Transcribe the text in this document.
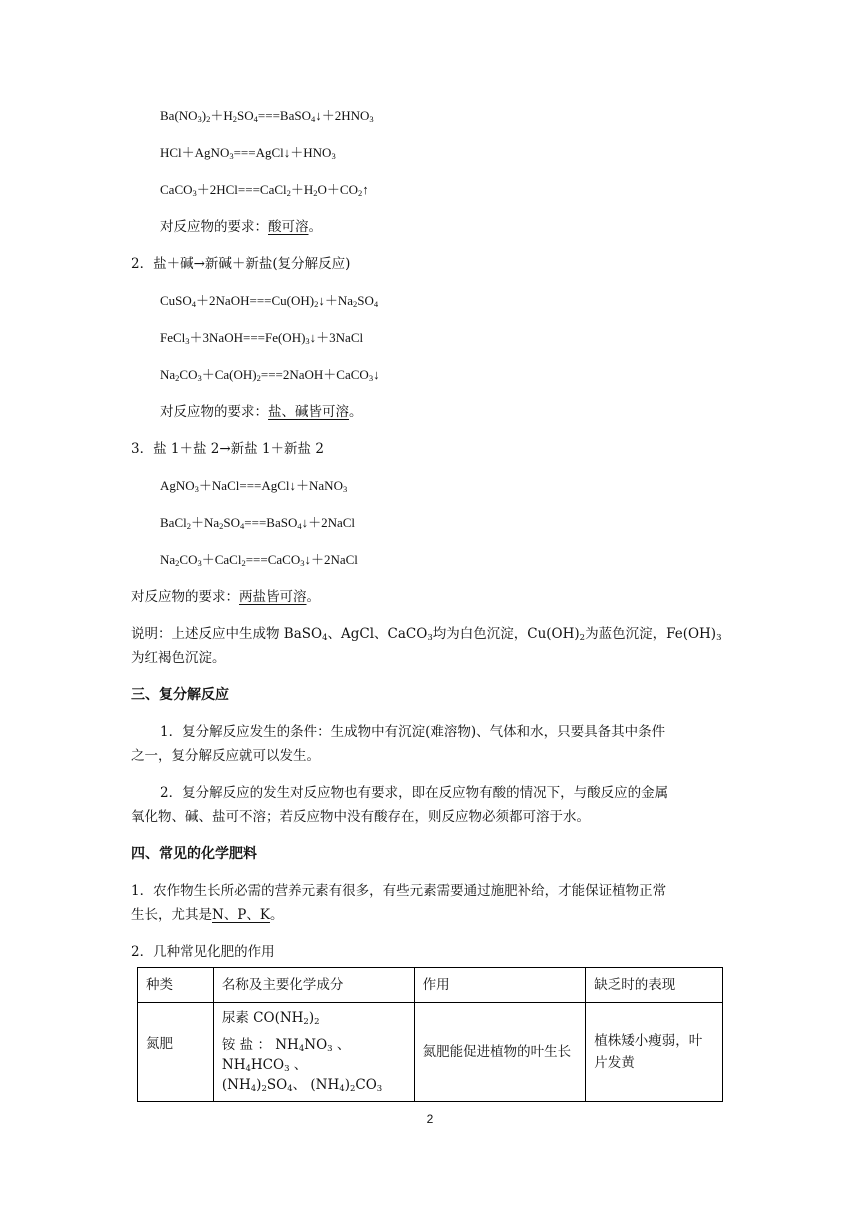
$Ba(NO_3)_2+H_2SO_4===BaSO_4↓+2HNO_3$
$HCl+AgNO_3===AgCl↓+HNO_3$
$CaCO_3+2HCl===CaCl_2+H_2O+CO_2↑$
对反应物的要求：酸可溶。
2．盐＋碱→新碱＋新盐(复分解反应)
$CuSO_4+2NaOH===Cu(OH)_2↓+Na_2SO_4$
$FeCl_3+3NaOH===Fe(OH)_3↓+3NaCl$
$Na_2CO_3+Ca(OH)_2===2NaOH+CaCO_3↓$
对反应物的要求：盐、碱皆可溶。
3．盐 1＋盐 2→新盐 1＋新盐 2
AgNO$_3$＋NaCl===AgCl↓＋NaNO$_3$
$BaCl_2+Na_2SO_4===BaSO_4↓+2NaCl$
$Na_2CO_3+CaCl_2===CaCO_3↓+2NaCl$
对反应物的要求：两盐皆可溶。
说明：上述反应中生成物 BaSO$_4$、AgCl、CaCO$_3$均为白色沉淀，$Cu(OH)_2$为蓝色沉淀，$Fe(OH)_3$
为红褐色沉淀。
三、复分解反应
1．复分解反应发生的条件：生成物中有沉淀(难溶物)、气体和水，只要具备其中条件
之一，复分解反应就可以发生。
2．复分解反应的发生对反应物也有要求，即在反应物有酸的情况下，与酸反应的金属
氧化物、碱、盐可不溶；若反应物中没有酸存在，则反应物必须都可溶于水。
四、常见的化学肥料
1．农作物生长所必需的营养元素有很多，有些元素需要通过施肥补给，才能保证植物正常
生长，尤其是N、P、K。
2．几种常见化肥的作用
种类	名称及主要化学成分	作用	缺乏时的表现
氮肥	尿素 $CO(NH_2)_2$
铵 盐 ： $NH_4NO_3$ 、 $NH_4HCO_3$ 、
$(NH_4)_2SO_4$、 $(NH_4)_2CO_3$	氮肥能促进植物的叶生长	植株矮小瘦弱，叶片发黄
2
